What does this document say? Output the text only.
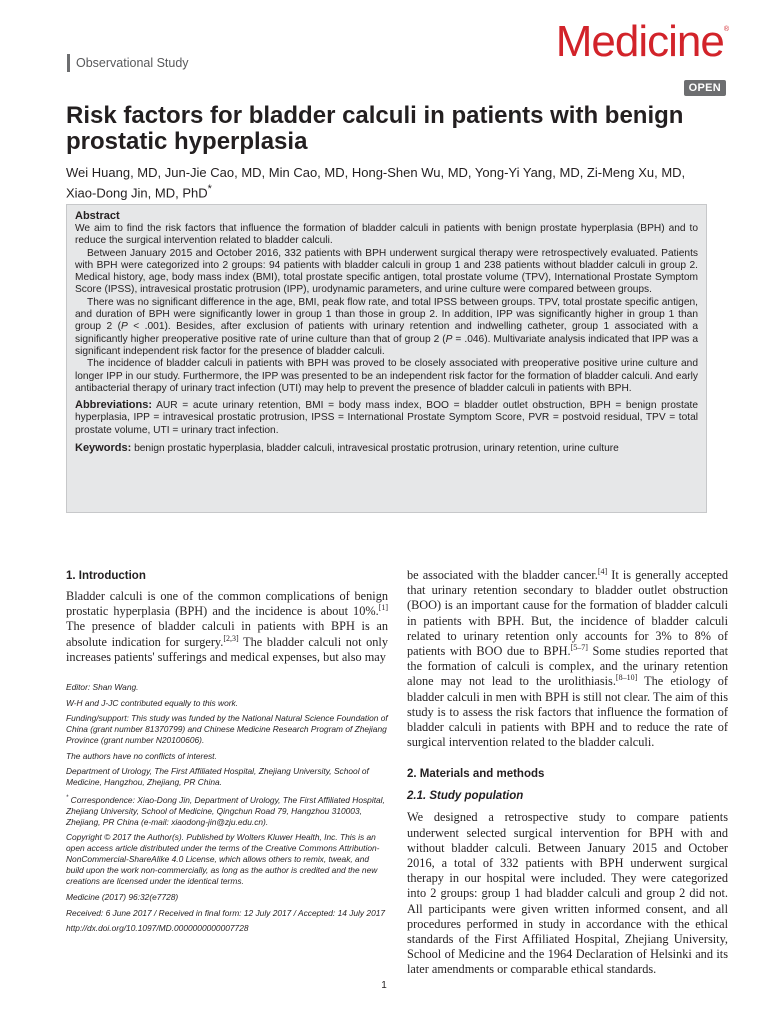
Observational Study	Medicine®
OPEN
Risk factors for bladder calculi in patients with benign prostatic hyperplasia
Wei Huang, MD, Jun-Jie Cao, MD, Min Cao, MD, Hong-Shen Wu, MD, Yong-Yi Yang, MD, Zi-Meng Xu, MD, Xiao-Dong Jin, MD, PhD*
Abstract

We aim to find the risk factors that influence the formation of bladder calculi in patients with benign prostate hyperplasia (BPH) and to reduce the surgical intervention related to bladder calculi.

Between January 2015 and October 2016, 332 patients with BPH underwent surgical therapy were retrospectively evaluated. Patients with BPH were categorized into 2 groups: 94 patients with bladder calculi in group 1 and 238 patients without bladder calculi in group 2. Medical history, age, body mass index (BMI), total prostate specific antigen, total prostate volume (TPV), International Prostate Symptom Score (IPSS), intravesical prostatic protrusion (IPP), urodynamic parameters, and urine culture were compared between groups.

There was no significant difference in the age, BMI, peak flow rate, and total IPSS between groups. TPV, total prostate specific antigen, and duration of BPH were significantly lower in group 1 than those in group 2. In addition, IPP was significantly higher in group 1 than group 2 (P < .001). Besides, after exclusion of patients with urinary retention and indwelling catheter, group 1 associated with a significantly higher preoperative positive rate of urine culture than that of group 2 (P = .046). Multivariate analysis indicated that IPP was a significant independent risk factor for the presence of bladder calculi.

The incidence of bladder calculi in patients with BPH was proved to be closely associated with preoperative positive urine culture and longer IPP in our study. Furthermore, the IPP was presented to be an independent risk factor for the formation of bladder calculi. And early antibacterial therapy of urinary tract infection (UTI) may help to prevent the presence of bladder calculi in patients with BPH.

Abbreviations: AUR = acute urinary retention, BMI = body mass index, BOO = bladder outlet obstruction, BPH = benign prostate hyperplasia, IPP = intravesical prostatic protrusion, IPSS = International Prostate Symptom Score, PVR = postvoid residual, TPV = total prostate volume, UTI = urinary tract infection.

Keywords: benign prostatic hyperplasia, bladder calculi, intravesical prostatic protrusion, urinary retention, urine culture

1. Introduction

Bladder calculi is one of the common complications of benign prostatic hyperplasia (BPH) and the incidence is about 10%.[1] The presence of bladder calculi in patients with BPH is an absolute indication for surgery.[2,3] The bladder calculi not only increases patients' sufferings and medical expenses, but also may

Editor: Shan Wang.

W-H and J-JC contributed equally to this work.

Funding/support: This study was funded by the National Natural Science Foundation of China (grant number 81370799) and Chinese Medicine Research Program of Zhejiang Province (grant number N20100606).

The authors have no conflicts of interest.

Department of Urology, The First Affiliated Hospital, Zhejiang University, School of Medicine, Hangzhou, Zhejiang, PR China.

* Correspondence: Xiao-Dong Jin, Department of Urology, The First Affiliated Hospital, Zhejiang University, School of Medicine, Qingchun Road 79, Hangzhou 310003, Zhejiang, PR China (e-mail: xiaodong-jin@zju.edu.cn).

Copyright © 2017 the Author(s). Published by Wolters Kluwer Health, Inc. This is an open access article distributed under the terms of the Creative Commons Attribution-NonCommercial-ShareAlike 4.0 License, which allows others to remix, tweak, and build upon the work non-commercially, as long as the author is credited and the new creations are licensed under the identical terms.

Medicine (2017) 96:32(e7728)

Received: 6 June 2017 / Received in final form: 12 July 2017 / Accepted: 14 July 2017

http://dx.doi.org/10.1097/MD.0000000000007728

be associated with the bladder cancer.[4] It is generally accepted that urinary retention secondary to bladder outlet obstruction (BOO) is an important cause for the formation of bladder calculi in patients with BPH. But, the incidence of bladder calculi related to urinary retention only accounts for 3% to 8% of patients with BOO due to BPH.[5–7] Some studies reported that the formation of calculi is complex, and the urinary retention alone may not lead to the urolithiasis.[8–10] The etiology of bladder calculi in men with BPH is still not clear. The aim of this study is to assess the risk factors that influence the formation of bladder calculi in patients with BPH and to reduce the rate of surgical intervention related to the bladder calculi.

2. Materials and methods
2.1. Study population

We designed a retrospective study to compare patients underwent selected surgical intervention for BPH with and without bladder calculi. Between January 2015 and October 2016, a total of 332 patients with BPH underwent surgical therapy in our hospital were included. They were categorized into 2 groups: group 1 had bladder calculi and group 2 did not. All participants were given written informed consent, and all procedures performed in study in accordance with the ethical standards of the First Affiliated Hospital, Zhejiang University, School of Medicine and the 1964 Declaration of Helsinki and its later amendments or comparable ethical standards.

1
